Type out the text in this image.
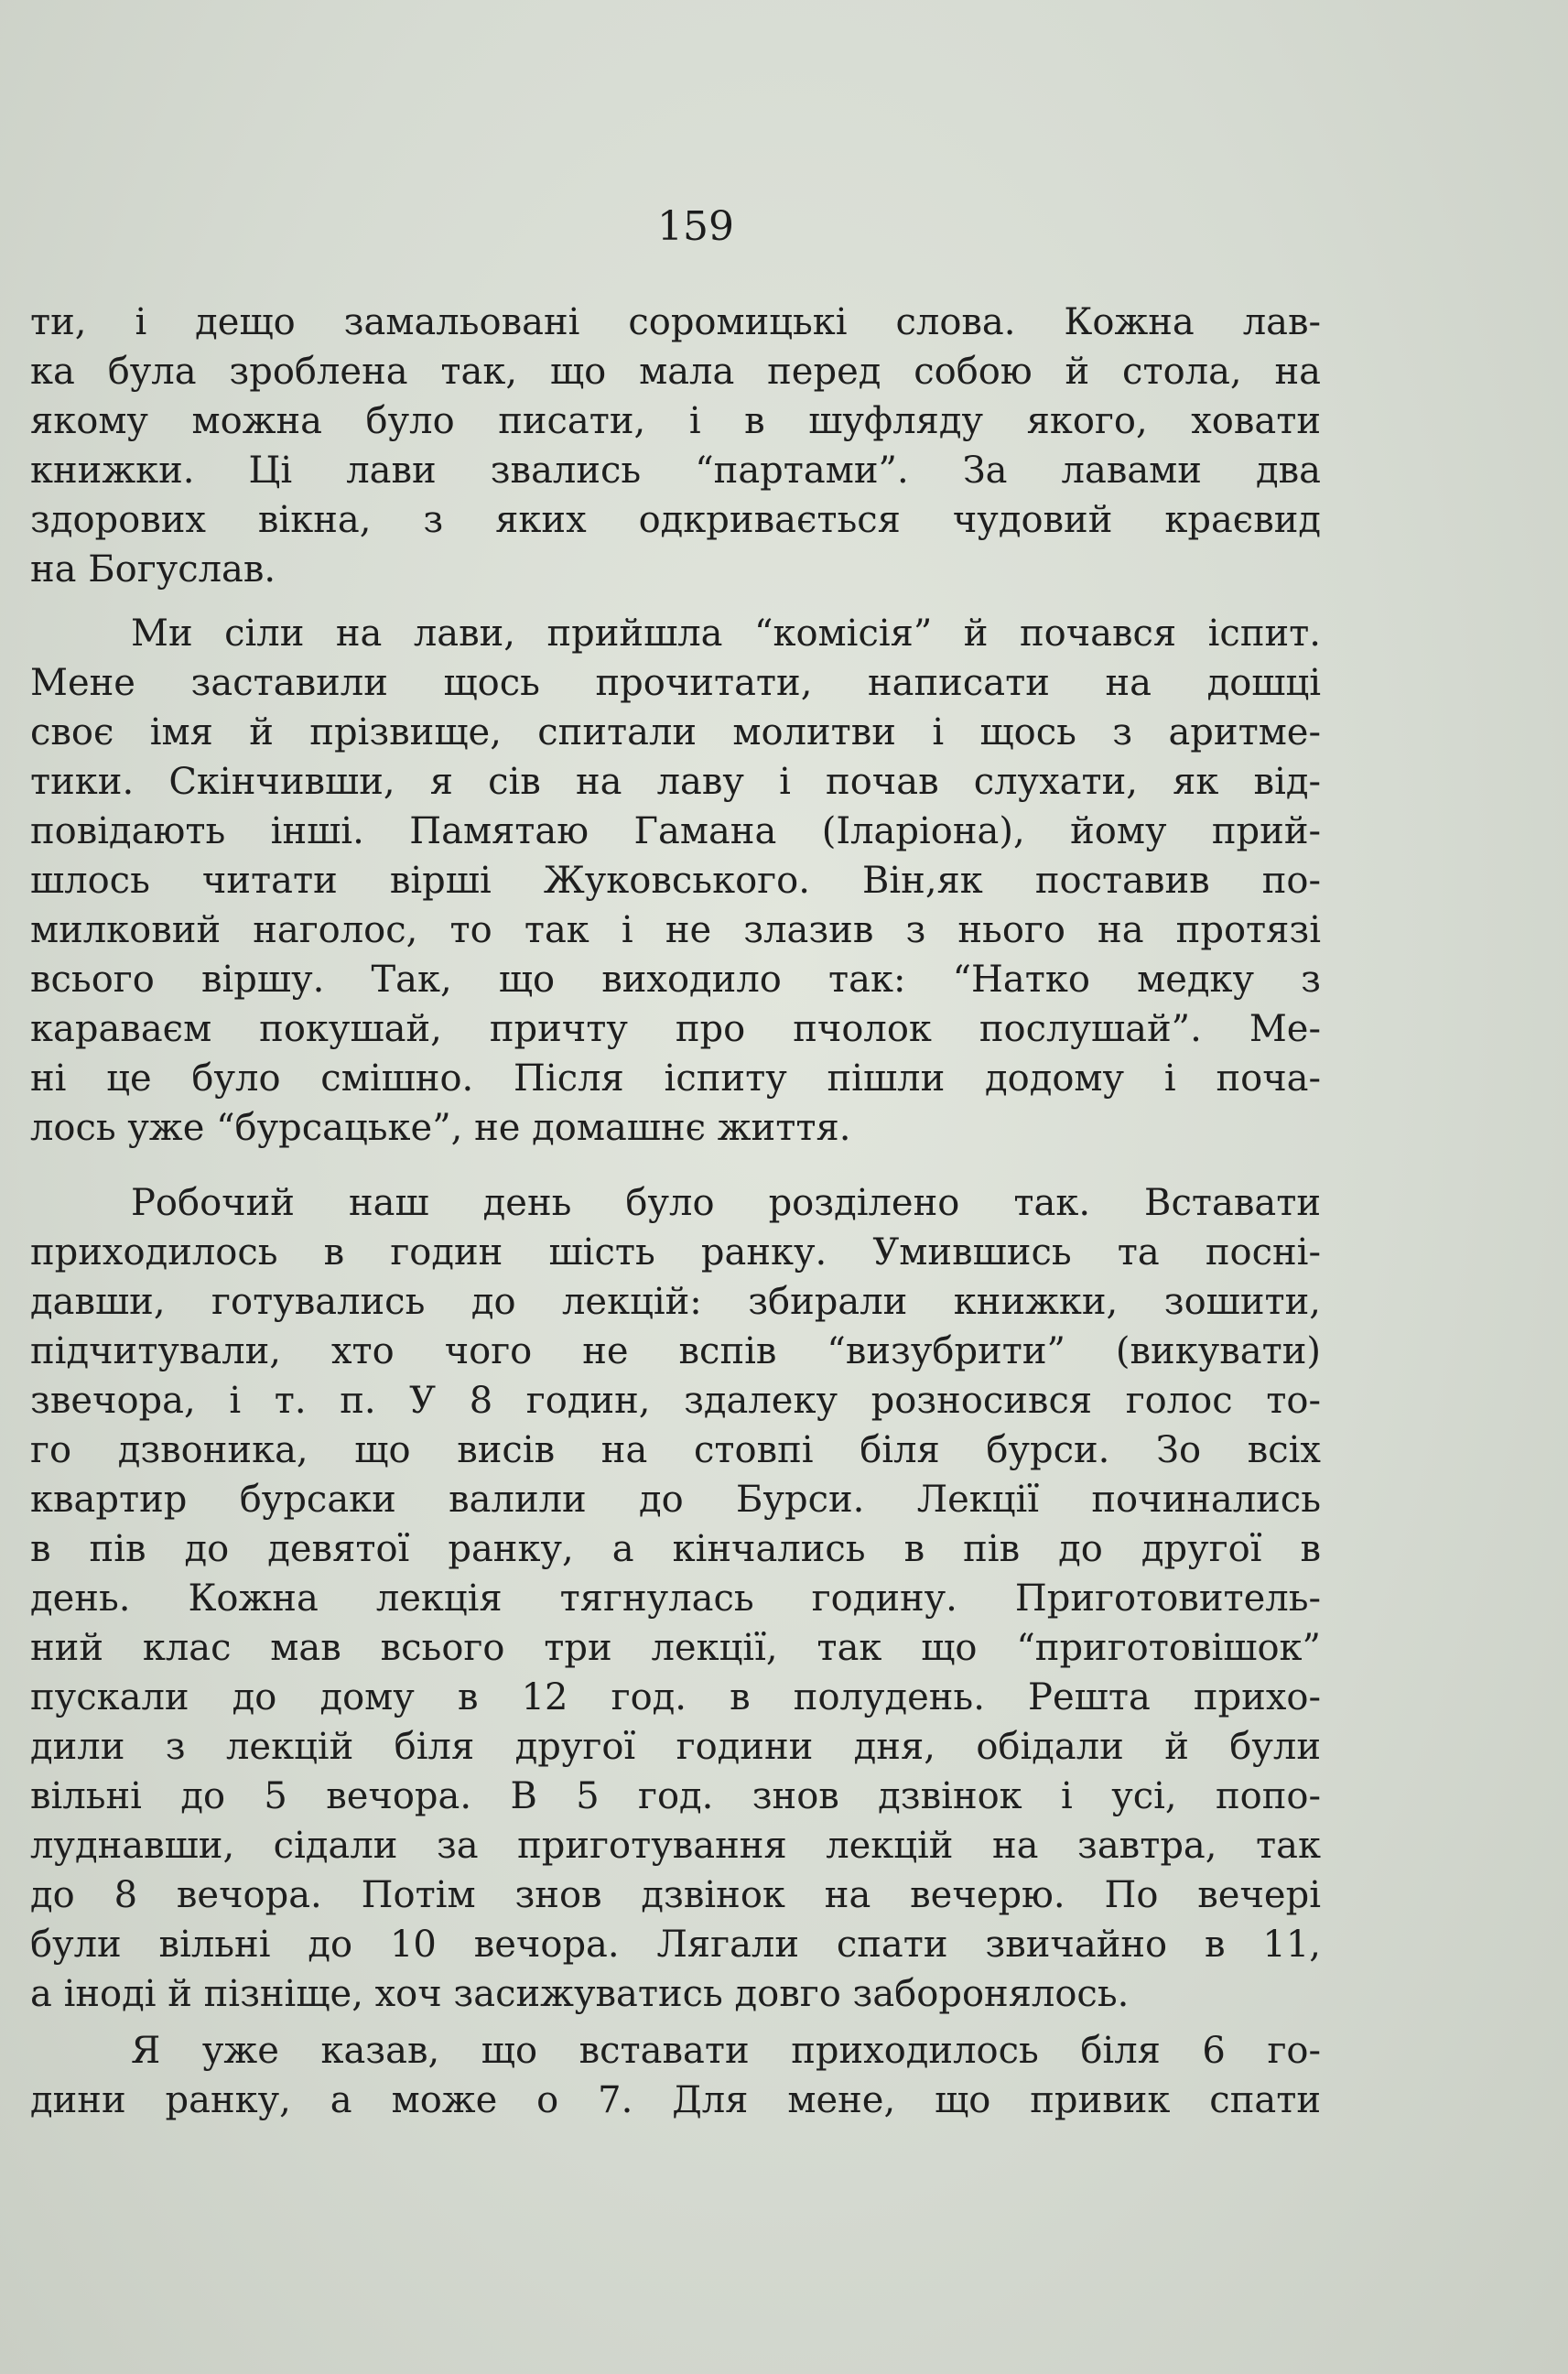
159
ти, і дещо замальовані соромицькі слова. Кожна лав-
ка була зроблена так, що мала перед собою й стола, на
якому можна було писати, і в шуфляду якого, ховати
книжки. Ці лави звались “партами”. За лавами два
здорових вікна, з яких одкривається чудовий краєвид
на Богуслав.
Ми сіли на лави, прийшла “комісія” й почався іспит.
Мене заставили щось прочитати, написати на дошці
своє імя й прізвище, спитали молитви і щось з аритме-
тики. Скінчивши, я сів на лаву і почав слухати, як від-
повідають інші. Памятаю Гамана (Іларіона), йому прий-
шлось читати вірші Жуковського. Він,як поставив по-
милковий наголос, то так і не злазив з нього на протязі
всього віршу. Так, що виходило так: “Натко медку з
караваєм покушай, причту про пчолок послушай”. Ме-
ні це було смішно. Після іспиту пішли додому і поча-
лось уже “бурсацьке”, не домашнє життя.
Робочий наш день було розділено так. Вставати
приходилось в годин шість ранку. Умившись та посні-
давши, готувались до лекцій: збирали книжки, зошити,
підчитували, хто чого не вспів “визубрити” (викувати)
звечора, і т. п. У 8 годин, здалеку розносився голос то-
го дзвоника, що висів на стовпі біля бурси. Зо всіх
квартир бурсаки валили до Бурси. Лекції починались
в пів до девятої ранку, а кінчались в пів до другої в
день. Кожна лекція тягнулась годину. Приготовитель-
ний клас мав всього три лекції, так що “приготовішок”
пускали до дому в 12 год. в полудень. Решта прихо-
дили з лекцій біля другої години дня, обідали й були
вільні до 5 вечора. В 5 год. знов дзвінок і усі, попо-
луднавши, сідали за приготування лекцій на завтра, так
до 8 вечора. Потім знов дзвінок на вечерю. По вечері
були вільні до 10 вечора. Лягали спати звичайно в 11,
а іноді й пізніще, хоч засижуватись довго заборонялось.
Я уже казав, що вставати приходилось біля 6 го-
дини ранку, а може о 7. Для мене, що привик спати
